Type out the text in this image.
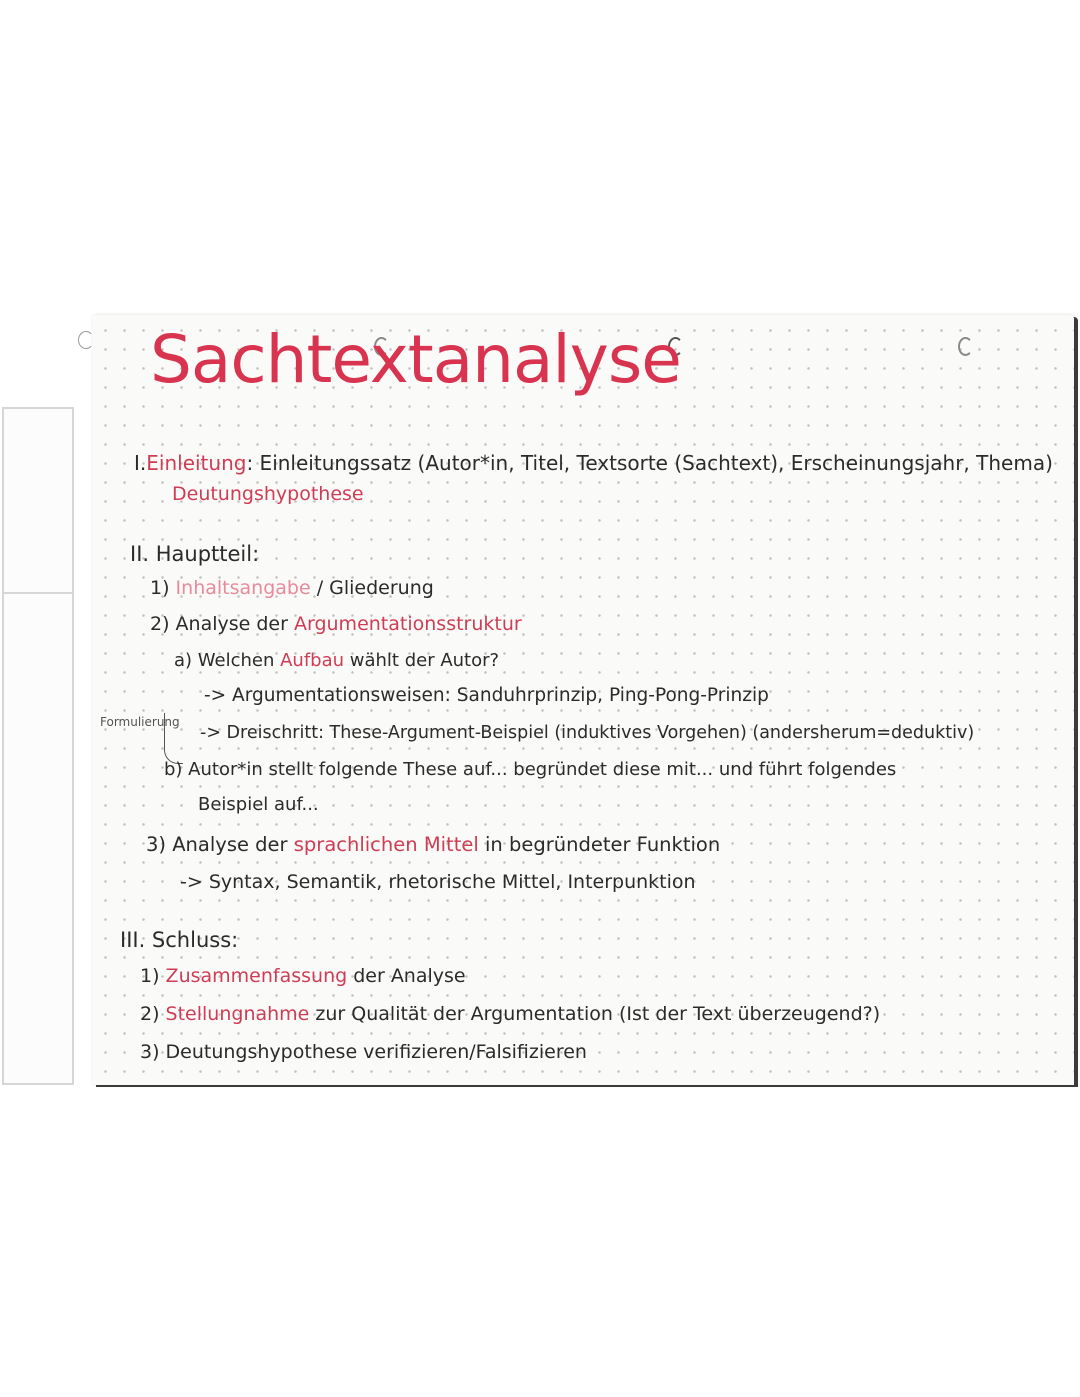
Sachtextanalyse
I.Einleitung: Einleitungssatz (Autor*in, Titel, Textsorte (Sachtext), Erscheinungsjahr, Thema)
Deutungshypothese
II. Hauptteil:
1) Inhaltsangabe / Gliederung
2) Analyse der Argumentationsstruktur
a) Welchen Aufbau wählt der Autor?
-> Argumentationsweisen: Sanduhrprinzip, Ping-Pong-Prinzip
Formulierung
-> Dreischritt: These-Argument-Beispiel (induktives Vorgehen) (andersherum=deduktiv)
b) Autor*in stellt folgende These auf... begründet diese mit... und führt folgendes
Beispiel auf...
3) Analyse der sprachlichen Mittel in begründeter Funktion
-> Syntax, Semantik, rhetorische Mittel, Interpunktion
III. Schluss:
1) Zusammenfassung der Analyse
2) Stellungnahme zur Qualität der Argumentation (Ist der Text überzeugend?)
3) Deutungshypothese verifizieren/Falsifizieren
